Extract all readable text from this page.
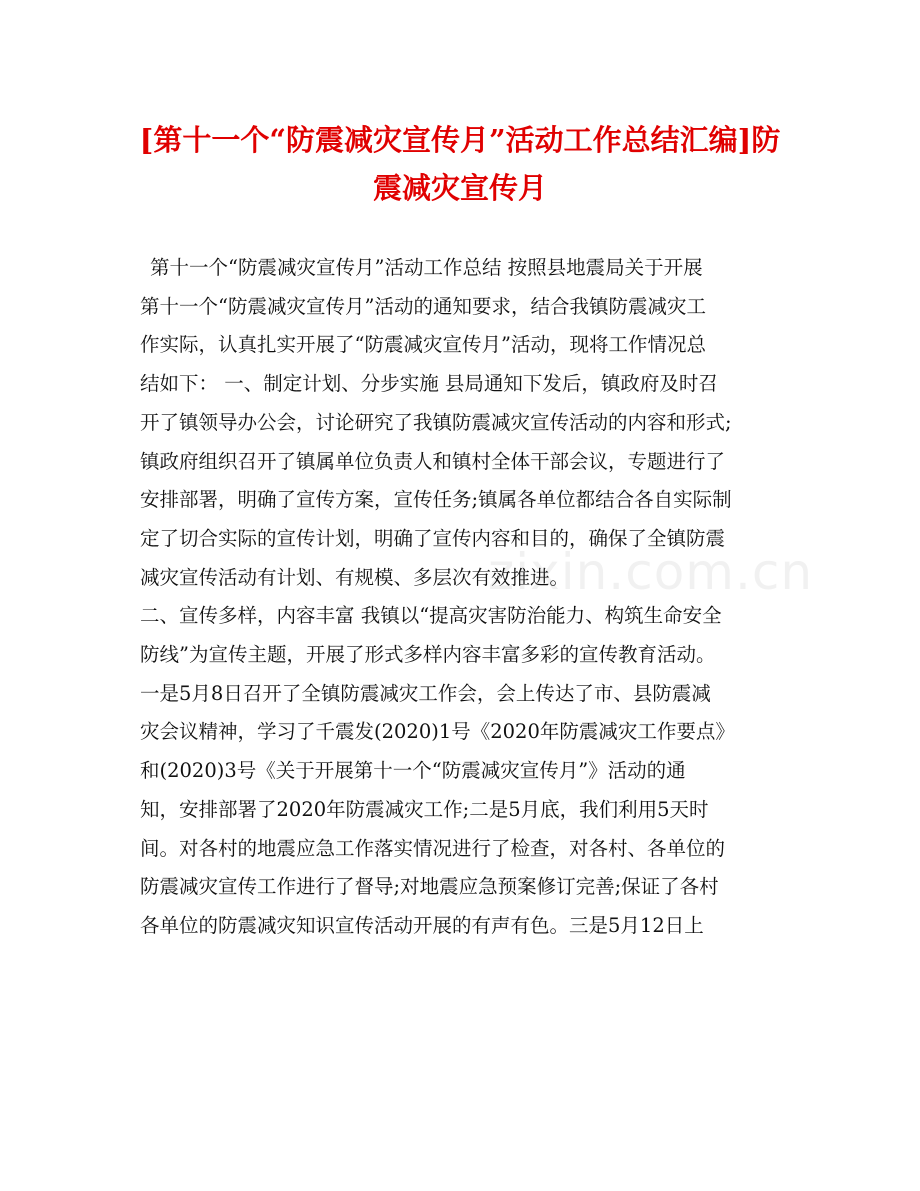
[第十一个“防震减灾宣传月”活动工作总结汇编]防
震减灾宣传月
zixin.com.cn
第十一个“防震减灾宣传月”活动工作总结 按照县地震局关于开展
第十一个“防震减灾宣传月”活动的通知要求，结合我镇防震减灾工
作实际，认真扎实开展了“防震减灾宣传月”活动，现将工作情况总
结如下： 一、制定计划、分步实施 县局通知下发后，镇政府及时召
开了镇领导办公会，讨论研究了我镇防震减灾宣传活动的内容和形式;
镇政府组织召开了镇属单位负责人和镇村全体干部会议，专题进行了
安排部署，明确了宣传方案，宣传任务;镇属各单位都结合各自实际制
定了切合实际的宣传计划，明确了宣传内容和目的，确保了全镇防震
减灾宣传活动有计划、有规模、多层次有效推进。
二、宣传多样，内容丰富 我镇以“提高灾害防治能力、构筑生命安全
防线”为宣传主题，开展了形式多样内容丰富多彩的宣传教育活动。
一是5月8日召开了全镇防震减灾工作会，会上传达了市、县防震减
灾会议精神，学习了千震发(2020)1号《2020年防震减灾工作要点》
和(2020)3号《关于开展第十一个“防震减灾宣传月”》活动的通
知，安排部署了2020年防震减灾工作;二是5月底，我们利用5天时
间。对各村的地震应急工作落实情况进行了检查，对各村、各单位的
防震减灾宣传工作进行了督导;对地震应急预案修订完善;保证了各村
各单位的防震减灾知识宣传活动开展的有声有色。三是5月12日上
